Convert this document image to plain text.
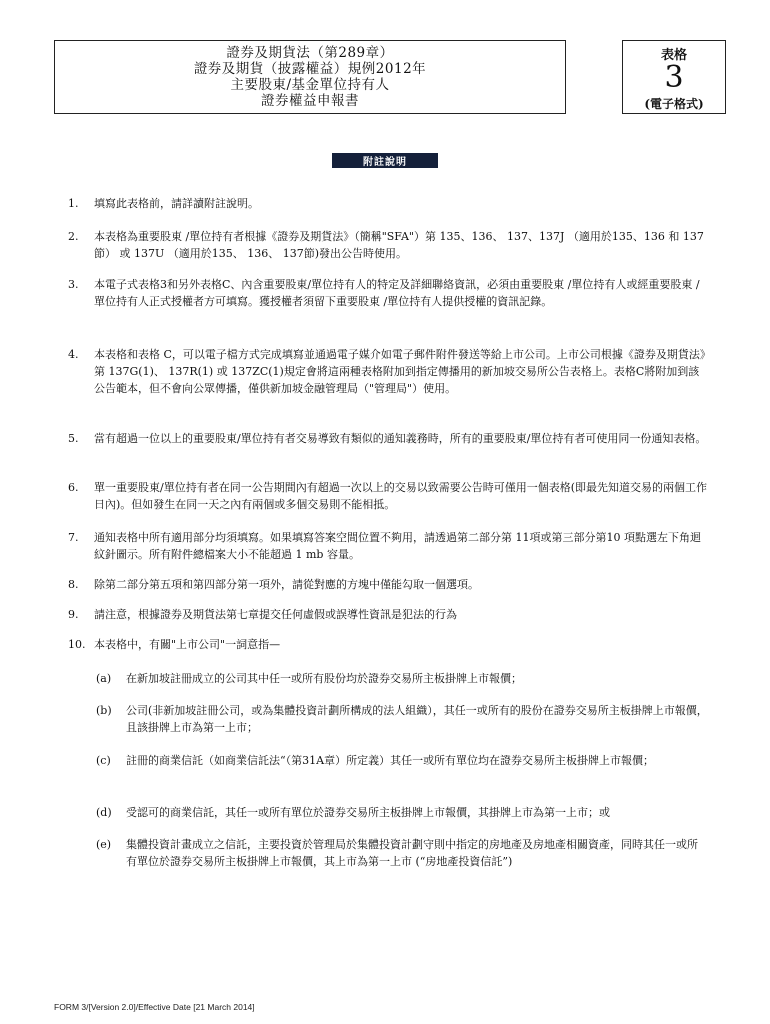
證券及期貨法（第289章）
證券及期貨（披露權益）規例2012年
主要股東/基金單位持有人
證券權益申報書
表格
3
(電子格式)
附註說明
1.	填寫此表格前，請詳讀附註說明。
2.	本表格為重要股東 /單位持有者根據《證券及期貨法》（簡稱"SFA"）第 135、136、 137、137J （適用於135、136 和 137 節） 或 137U （適用於135、 136、 137節)發出公告時使用。
3.	本電子式表格3和另外表格C、內含重要股東/單位持有人的特定及詳細聯絡資訊，必須由重要股東 /單位持有人或經重要股東 /單位持有人正式授權者方可填寫。獲授權者須留下重要股東 /單位持有人提供授權的資訊記錄。
4.	本表格和表格 C，可以電子檔方式完成填寫並通過電子媒介如電子郵件附件發送等給上市公司。上市公司根據《證券及期貨法》第 137G(1)、 137R(1) 或 137ZC(1)規定會將這兩種表格附加到指定傳播用的新加坡交易所公告表格上。表格C將附加到該公告範本，但不會向公眾傳播，僅供新加坡金融管理局（"管理局"）使用。
5.	當有超過一位以上的重要股東/單位持有者交易導致有類似的通知義務時，所有的重要股東/單位持有者可使用同一份通知表格。
6.	單一重要股東/單位持有者在同一公告期間內有超過一次以上的交易以致需要公告時可僅用一個表格(即最先知道交易的兩個工作日內)。但如發生在同一天之內有兩個或多個交易則不能相抵。
7.	通知表格中所有適用部分均須填寫。如果填寫答案空間位置不夠用，請透過第二部分第 11項或第三部分第10 項點選左下角迴紋針圖示。所有附件總檔案大小不能超過 1 mb 容量。
8.	除第二部分第五項和第四部分第一項外，請從對應的方塊中僅能勾取一個選項。
9.	請注意，根據證券及期貨法第七章提交任何虛假或誤導性資訊是犯法的行為
10. 本表格中，有關"上市公司"一詞意指—
(a)	在新加坡註冊成立的公司其中任一或所有股份均於證券交易所主板掛牌上市報價；
(b)	公司(非新加坡註冊公司，或為集體投資計劃所構成的法人組織），其任一或所有的股份在證券交易所主板掛牌上市報價，且該掛牌上市為第一上市；
(c)	註冊的商業信託（如商業信託法“（第31A章）所定義）其任一或所有單位均在證券交易所主板掛牌上市報價；
(d)	受認可的商業信託，其任一或所有單位於證券交易所主板掛牌上市報價，其掛牌上市為第一上市；或
(e)	集體投資計畫成立之信託，主要投資於管理局於集體投資計劃守則中指定的房地產及房地產相關資產，同時其任一或所有單位於證券交易所主板掛牌上市報價，其上市為第一上市 (“房地產投資信託”)
FORM 3/[Version 2.0]/Effective Date [21 March 2014]
